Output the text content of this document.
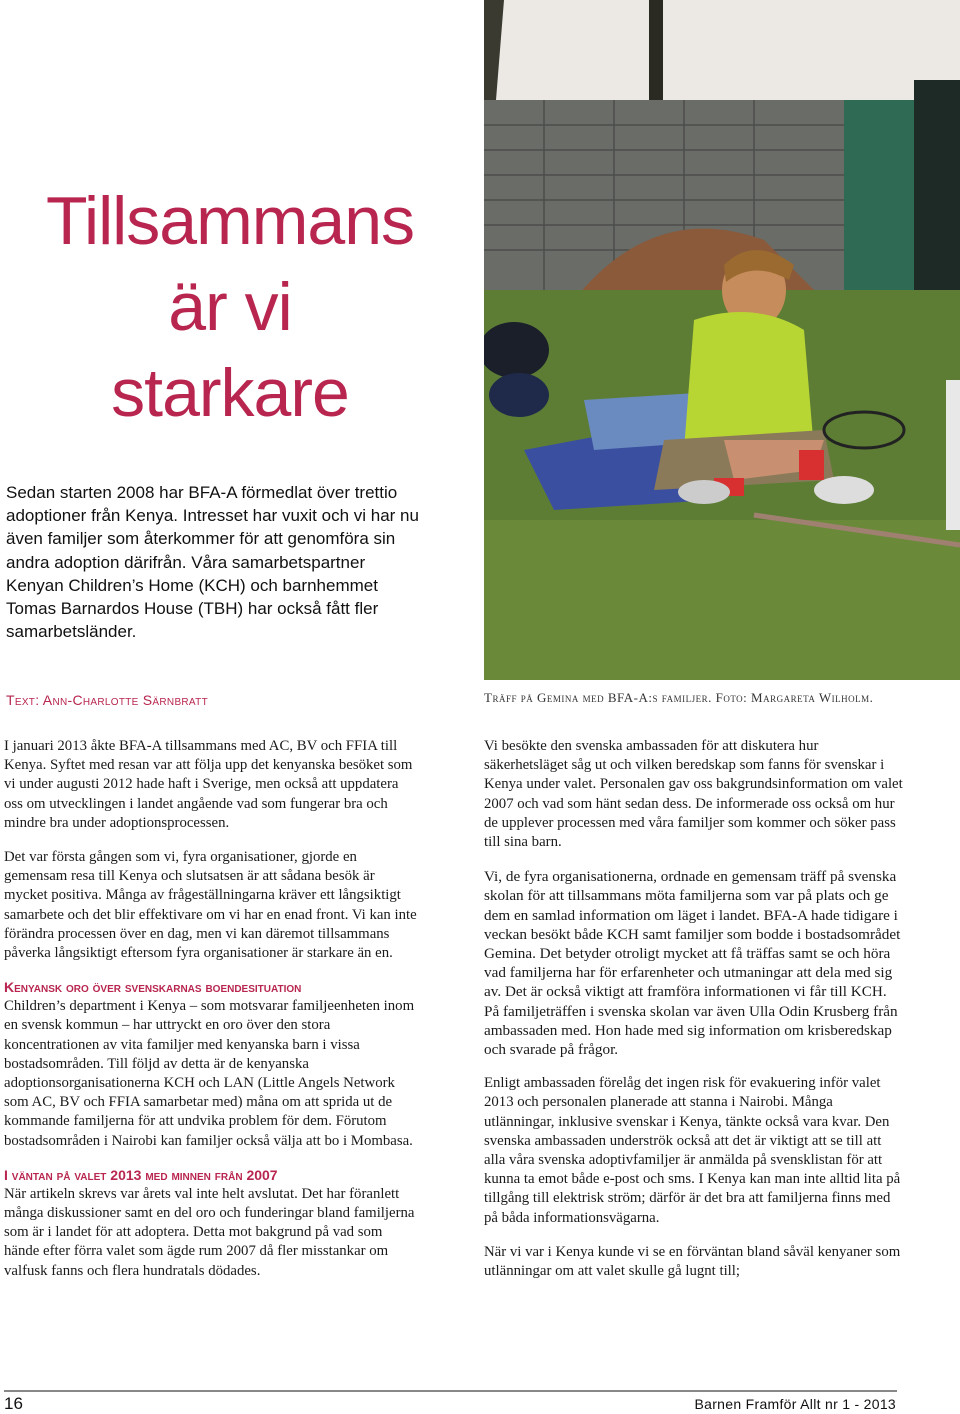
Tillsammans
är vi
starkare
Sedan starten 2008 har BFA-A förmedlat över trettio adoptioner från Kenya. Intresset har vuxit och vi har nu även familjer som återkommer för att genomföra sin andra adoption därifrån. Våra samarbetspartner Kenyan Children’s Home (KCH) och barnhemmet Tomas Barnardos House (TBH) har också fått fler samarbetsländer.
Text: Ann-Charlotte Särnbratt	Träff på Gemina med BFA-A:s familjer. Foto: Margareta Wilholm.

I januari 2013 åkte BFA-A tillsammans med AC, BV och FFIA till Kenya. Syftet med resan var att följa upp det kenyanska besöket som vi under augusti 2012 hade haft i Sverige, men också att uppdatera oss om utvecklingen i landet angående vad som fungerar bra och mindre bra under adoptionsprocessen.

Det var första gången som vi, fyra organisationer, gjorde en gemensam resa till Kenya och slutsatsen är att sådana besök är mycket positiva. Många av frågeställningarna kräver ett långsiktigt samarbete och det blir effektivare om vi har en enad front. Vi kan inte förändra processen över en dag, men vi kan däremot tillsammans påverka långsiktigt eftersom fyra organisationer är starkare än en.

Kenyansk oro över svenskarnas boendesituation

Children’s department i Kenya – som motsvarar familjeenheten inom en svensk kommun – har uttryckt en oro över den stora koncentrationen av vita familjer med kenyanska barn i vissa bostadsområden. Till följd av detta är de kenyanska adoptionsorganisationerna KCH och LAN (Little Angels Network som AC, BV och FFIA samarbetar med) måna om att sprida ut de kommande familjerna för att undvika problem för dem. Förutom bostadsområden i Nairobi kan familjer också välja att bo i Mombasa.

I väntan på valet 2013 med minnen från 2007

När artikeln skrevs var årets val inte helt avslutat. Det har föranlett många diskussioner samt en del oro och funderingar bland familjerna som är i landet för att adoptera. Detta mot bakgrund på vad som hände efter förra valet som ägde rum 2007 då fler misstankar om valfusk fanns och flera hundratals dödades.

Vi besökte den svenska ambassaden för att diskutera hur säkerhetsläget såg ut och vilken beredskap som fanns för svenskar i Kenya under valet. Personalen gav oss bakgrundsinformation om valet 2007 och vad som hänt sedan dess. De informerade oss också om hur de upplever processen med våra familjer som kommer och söker pass till sina barn.

Vi, de fyra organisationerna, ordnade en gemensam träff på svenska skolan för att tillsammans möta familjerna som var på plats och ge dem en samlad information om läget i landet. BFA-A hade tidigare i veckan besökt både KCH samt familjer som bodde i bostadsområdet Gemina. Det betyder otroligt mycket att få träffas samt se och höra vad familjerna har för erfarenheter och utmaningar att dela med sig av. Det är också viktigt att framföra informationen vi får till KCH. På familjeträffen i svenska skolan var även Ulla Odin Krusberg från ambassaden med. Hon hade med sig information om krisberedskap och svarade på frågor.

Enligt ambassaden förelåg det ingen risk för evakuering inför valet 2013 och personalen planerade att stanna i Nairobi. Många utlänningar, inklusive svenskar i Kenya, tänkte också vara kvar. Den svenska ambassaden underströk också att det är viktigt att se till att alla våra svenska adoptivfamiljer är anmälda på svensklistan för att kunna ta emot både e-post och sms. I Kenya kan man inte alltid lita på tillgång till elektrisk ström; därför är det bra att familjerna finns med på båda informationsvägarna.

När vi var i Kenya kunde vi se en förväntan bland såväl kenyaner som utlänningar om att valet skulle gå lugnt till;

16	Barnen Framför Allt nr 1 - 2013
